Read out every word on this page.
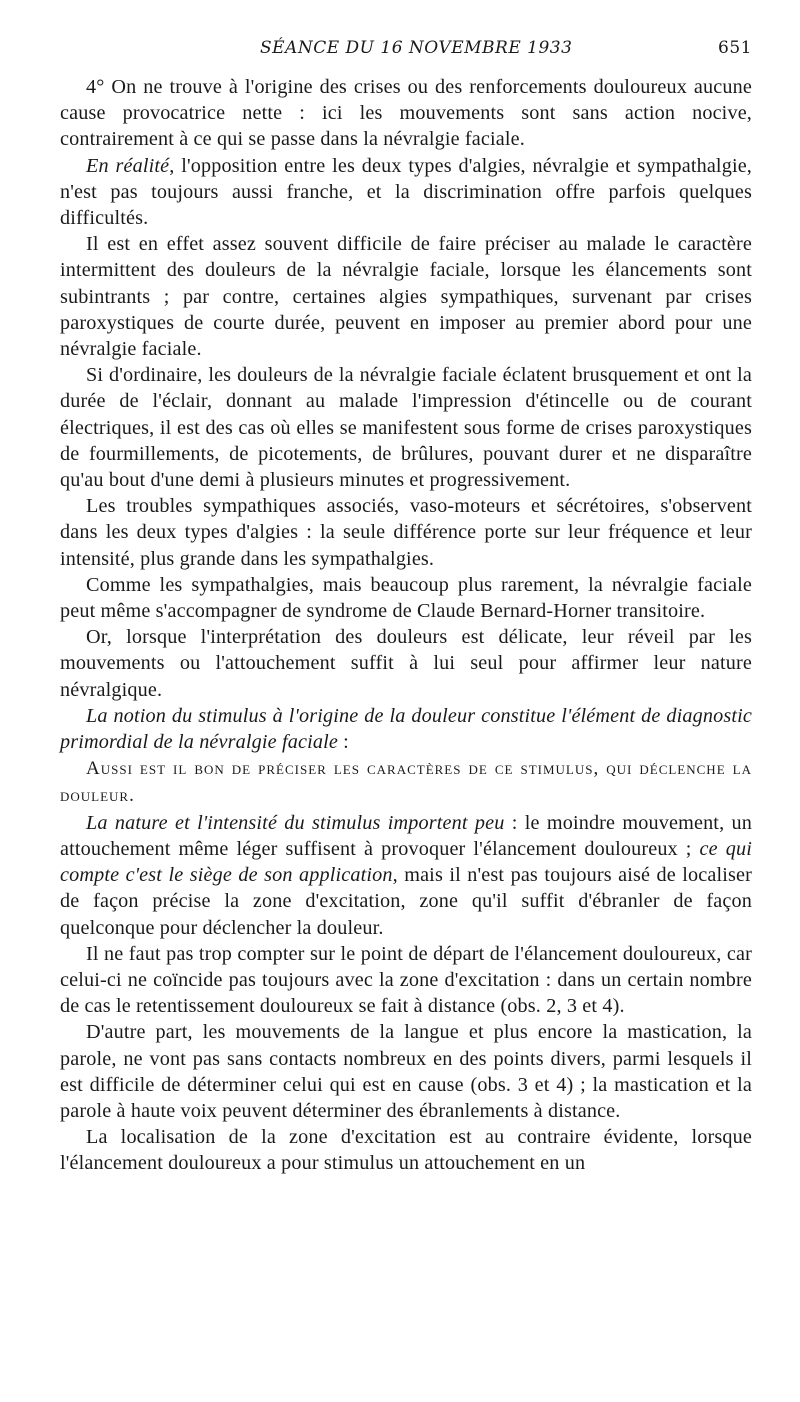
SÉANCE DU 16 NOVEMBRE 1933	651

4° On ne trouve à l'origine des crises ou des renforcements douloureux aucune cause provocatrice nette : ici les mouvements sont sans action nocive, contrairement à ce qui se passe dans la névralgie faciale.

En réalité, l'opposition entre les deux types d'algies, névralgie et sympathalgie, n'est pas toujours aussi franche, et la discrimination offre parfois quelques difficultés.

Il est en effet assez souvent difficile de faire préciser au malade le caractère intermittent des douleurs de la névralgie faciale, lorsque les élancements sont subintrants ; par contre, certaines algies sympathiques, survenant par crises paroxystiques de courte durée, peuvent en imposer au premier abord pour une névralgie faciale.

Si d'ordinaire, les douleurs de la névralgie faciale éclatent brusquement et ont la durée de l'éclair, donnant au malade l'impression d'étincelle ou de courant électriques, il est des cas où elles se manifestent sous forme de crises paroxystiques de fourmillements, de picotements, de brûlures, pouvant durer et ne disparaître qu'au bout d'une demi à plusieurs minutes et progressivement.

Les troubles sympathiques associés, vaso-moteurs et sécrétoires, s'observent dans les deux types d'algies : la seule différence porte sur leur fréquence et leur intensité, plus grande dans les sympathalgies.

Comme les sympathalgies, mais beaucoup plus rarement, la névralgie faciale peut même s'accompagner de syndrome de Claude Bernard-Horner transitoire.

Or, lorsque l'interprétation des douleurs est délicate, leur réveil par les mouvements ou l'attouchement suffit à lui seul pour affirmer leur nature névralgique.

La notion du stimulus à l'origine de la douleur constitue l'élément de diagnostic primordial de la névralgie faciale :

Aussi est il bon de préciser les caractères de ce stimulus, qui déclenche la douleur.

La nature et l'intensité du stimulus importent peu : le moindre mouvement, un attouchement même léger suffisent à provoquer l'élancement douloureux ; ce qui compte c'est le siège de son application, mais il n'est pas toujours aisé de localiser de façon précise la zone d'excitation, zone qu'il suffit d'ébranler de façon quelconque pour déclencher la douleur.

Il ne faut pas trop compter sur le point de départ de l'élancement douloureux, car celui-ci ne coïncide pas toujours avec la zone d'excitation : dans un certain nombre de cas le retentissement douloureux se fait à distance (obs. 2, 3 et 4).

D'autre part, les mouvements de la langue et plus encore la mastication, la parole, ne vont pas sans contacts nombreux en des points divers, parmi lesquels il est difficile de déterminer celui qui est en cause (obs. 3 et 4) ; la mastication et la parole à haute voix peuvent déterminer des ébranlements à distance.

La localisation de la zone d'excitation est au contraire évidente, lorsque l'élancement douloureux a pour stimulus un attouchement en un
